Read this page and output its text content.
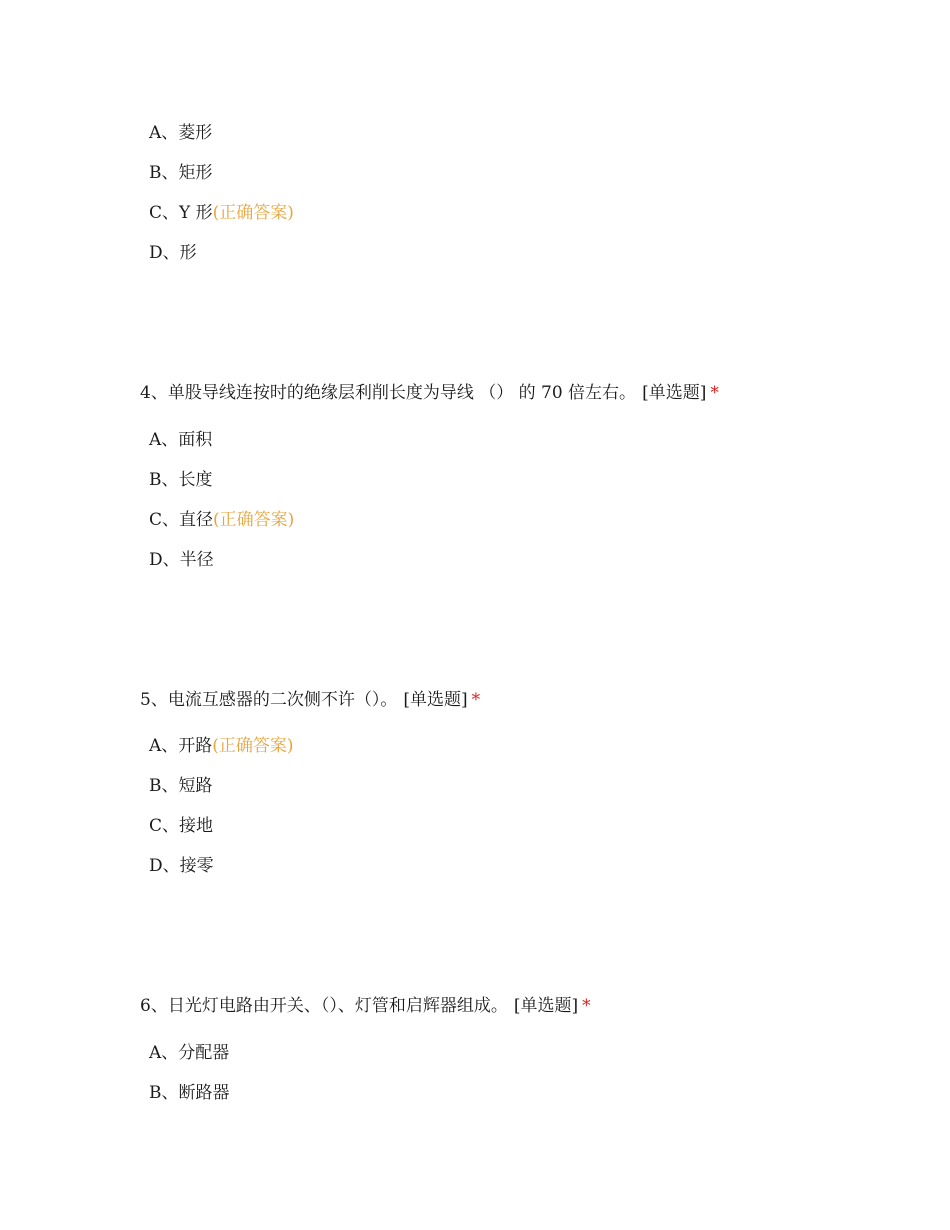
A、菱形
B、矩形
C、Y 形(正确答案)
D、形
4、单股导线连按时的绝缘层利削长度为导线 （） 的 70 倍左右。 [单选题] *
A、面积
B、长度
C、直径(正确答案)
D、半径
5、电流互感器的二次侧不许（）。 [单选题] *
A、开路(正确答案)
B、短路
C、接地
D、接零
6、日光灯电路由开关、（）、灯管和启辉器组成。 [单选题] *
A、分配器
B、断路器
